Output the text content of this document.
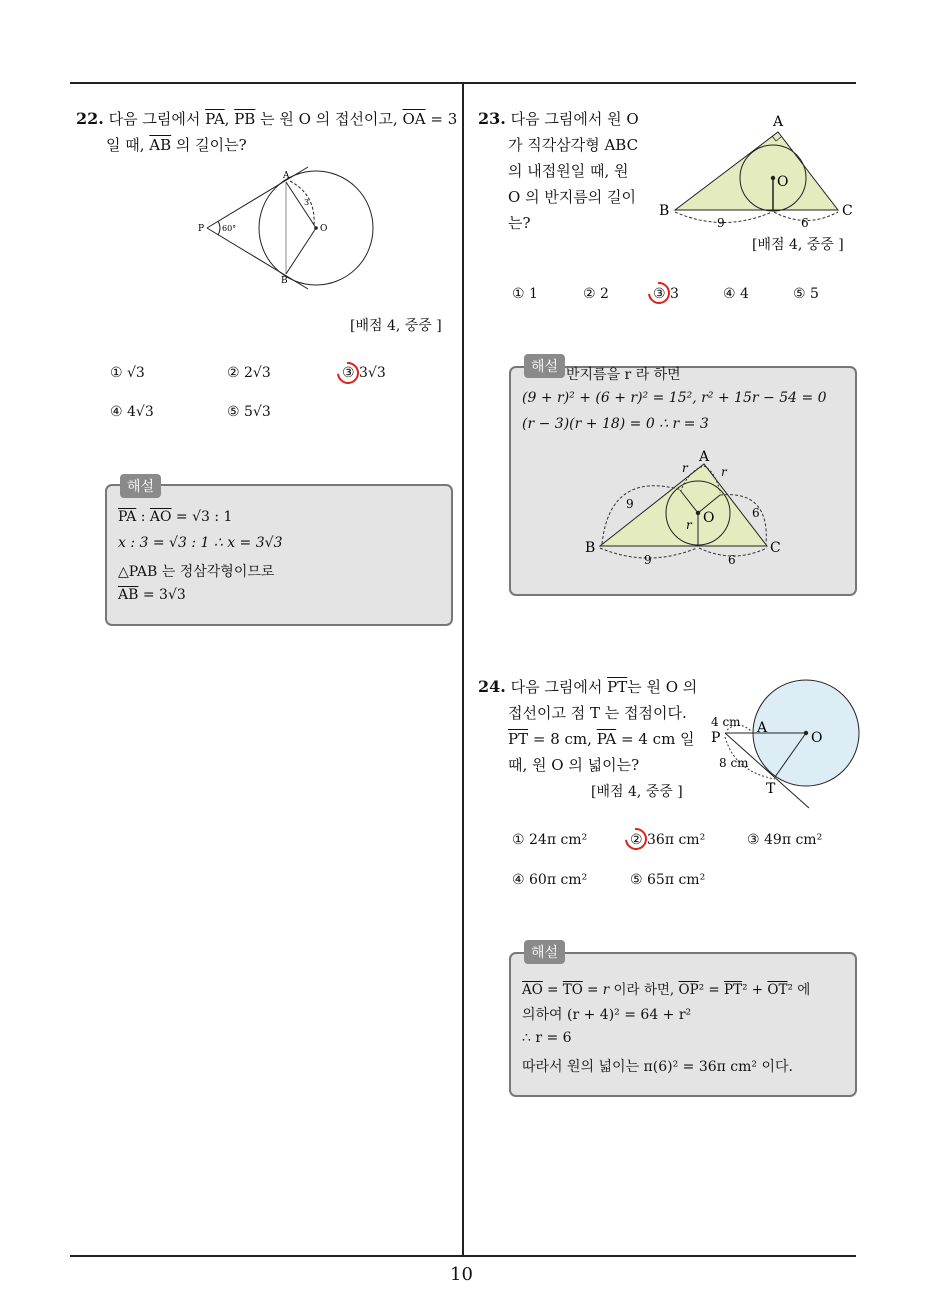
10
22. 다음 그림에서 $\overline{PA}$, $\overline{PB}$ 는 원 O 의 접선이고, $\overline{OA} = 3$
일 때, $\overline{AB}$ 의 길이는?
A
B
P	O
60°
3
[배점 4, 중중 ]
① √3	② 2√3	③ 3√3
④ 4√3	⑤ 5√3
해설
$\overline{PA}$ : $\overline{AO} = √3$ : 1
x : 3 = √3 : 1 ∴ x = 3√3
△PAB 는 정삼각형이므로
$\overline{AB} = 3√3$
23. 다음 그림에서 원 O
가 직각삼각형 ABC
의 내접원일 때, 원
O 의 반지름의 길이
는?
A
B	C
O
9	6
[배점 4, 중중 ]
① 1	② 2	③ 3	④ 4	⑤ 5
해설 반지름을 r 라 하면
(9 + r)² + (6 + r)² = 15², r² + 15r − 54 = 0
(r − 3)(r + 18) = 0 ∴ r = 3
A
B	C
O
r
r	r
9
6
9	6
24. 다음 그림에서 $\overline{PT}$는 원 O 의
접선이고 점 T 는 접점이다.
$\overline{PT} = 8$ cm, $\overline{PA} = 4$ cm 일
때, 원 O 의 넓이는?
[배점 4, 중중 ]
P
A
O
T
4 cm
8 cm
① 24π cm²	② 36π cm²	③ 49π cm²
④ 60π cm²	⑤ 65π cm²
해설
$\overline{AO} = \overline{TO} = r$ 이라 하면, $\overline{OP}^2 = \overline{PT}^2 + \overline{OT}^2$ 에
의하여 (r + 4)² = 64 + r²
∴ r = 6
따라서 원의 넓이는 π(6)² = 36π cm² 이다.
